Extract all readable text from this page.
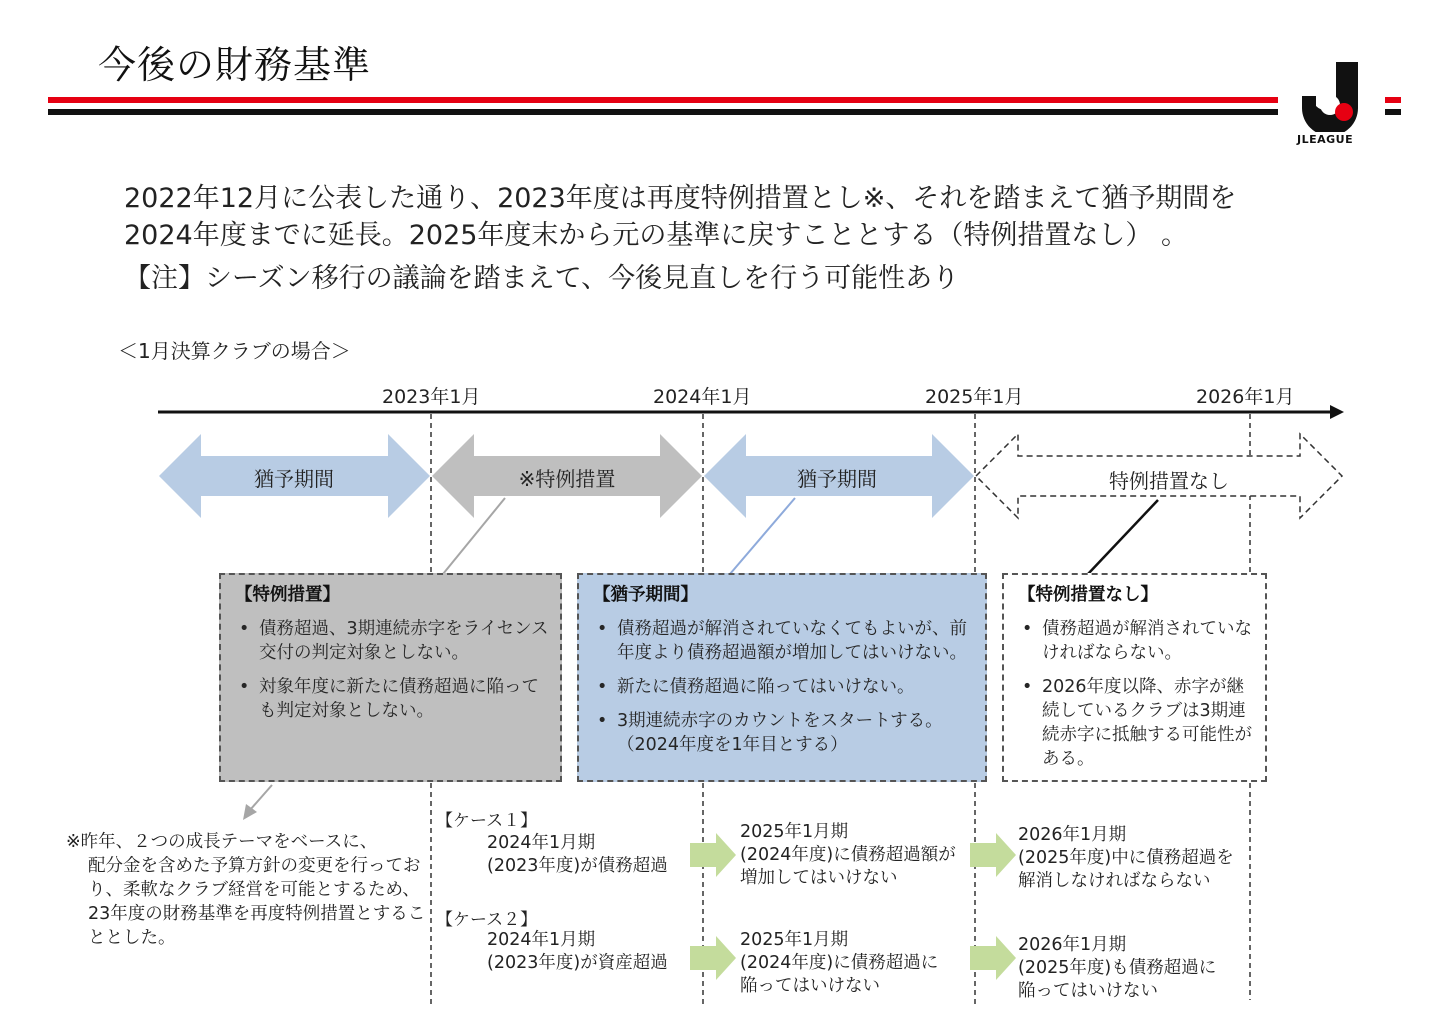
今後の財務基準
JLEAGUE
2022年12月に公表した通り、2023年度は再度特例措置とし※、それを踏まえて猶予期間を
2024年度までに延長。2025年度末から元の基準に戻すこととする（特例措置なし） 。
【注】シーズン移行の議論を踏まえて、今後見直しを行う可能性あり
＜1月決算クラブの場合＞
2023年1月	2024年1月	2025年1月	2026年1月
猶予期間	※特例措置	猶予期間	特例措置なし
【特例措置】
• 債務超過、3期連続赤字をライセンス交付の判定対象としない。
• 対象年度に新たに債務超過に陥っても判定対象としない。
【猶予期間】
• 債務超過が解消されていなくてもよいが、前年度より債務超過額が増加してはいけない。
• 新たに債務超過に陥ってはいけない。
• 3期連続赤字のカウントをスタートする。（2024年度を1年目とする）
【特例措置なし】
• 債務超過が解消されていなければならない。
• 2026年度以降、赤字が継続しているクラブは3期連続赤字に抵触する可能性がある。
※昨年、２つの成長テーマをベースに、
配分金を含めた予算方針の変更を行っており、柔軟なクラブ経営を可能とするため、23年度の財務基準を再度特例措置とすることとした。
【ケース１】
2024年1月期
(2023年度)が債務超過
2025年1月期
(2024年度)に債務超過額が
増加してはいけない
2026年1月期
(2025年度)中に債務超過を
解消しなければならない
【ケース２】
2024年1月期
(2023年度)が資産超過
2025年1月期
(2024年度)に債務超過に
陥ってはいけない
2026年1月期
(2025年度)も債務超過に
陥ってはいけない
